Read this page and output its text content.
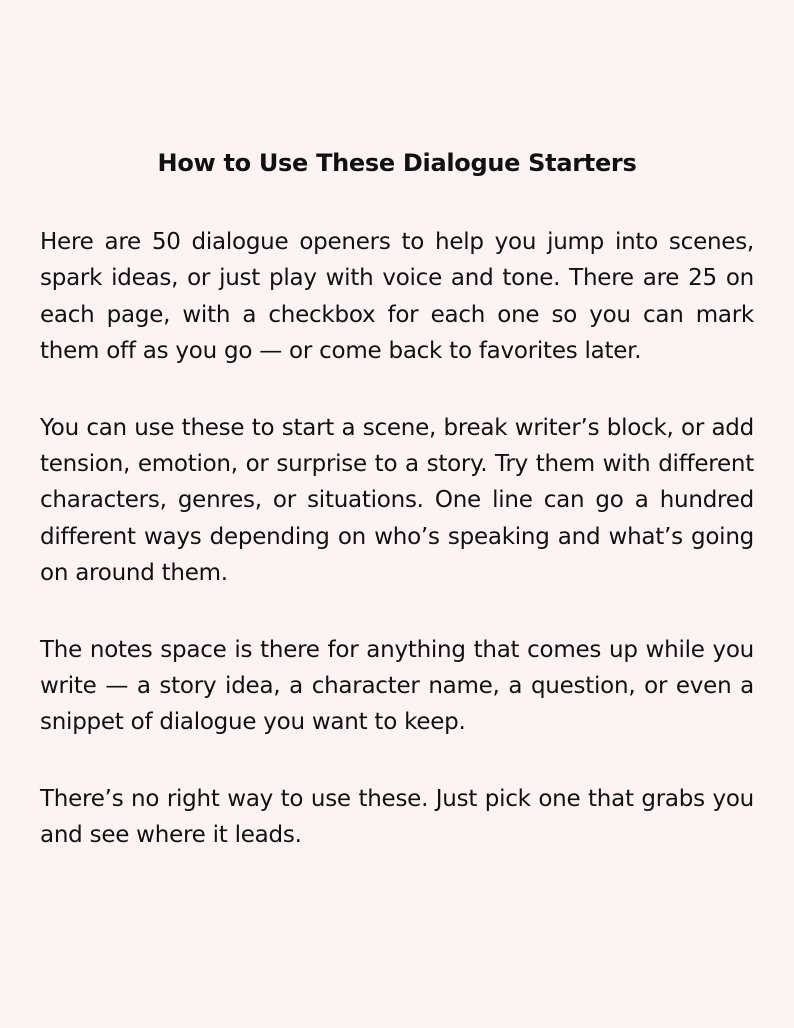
How to Use These Dialogue Starters

Here are 50 dialogue openers to help you jump into scenes, spark ideas, or just play with voice and tone. There are 25 on each page, with a checkbox for each one so you can mark them off as you go — or come back to favorites later.

You can use these to start a scene, break writer’s block, or add tension, emotion, or surprise to a story. Try them with different characters, genres, or situations. One line can go a hundred different ways depending on who’s speaking and what’s going on around them.

The notes space is there for anything that comes up while you write — a story idea, a character name, a question, or even a snippet of dialogue you want to keep.

There’s no right way to use these. Just pick one that grabs you and see where it leads.
